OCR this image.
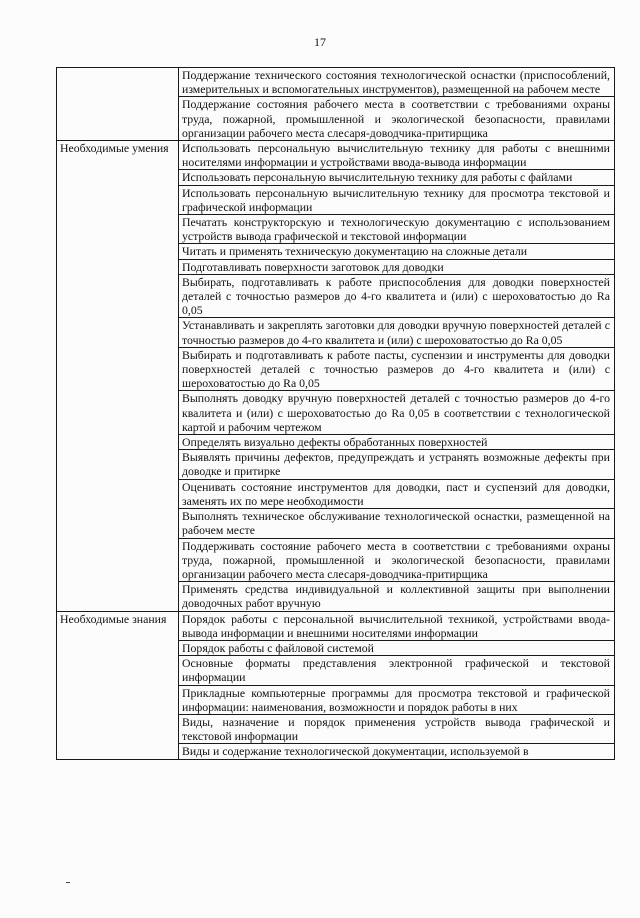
17
	Поддержание технического состояния технологической оснастки (приспособлений, измерительных и вспомогательных инструментов), размещенной на рабочем месте
	Поддержание состояния рабочего места в соответствии с требованиями охраны труда, пожарной, промышленной и экологической безопасности, правилами организации рабочего места слесаря-доводчика-притирщика
Необходимые умения	Использовать персональную вычислительную технику для работы с внешними носителями информации и устройствами ввода-вывода информации
	Использовать персональную вычислительную технику для работы с файлами
	Использовать персональную вычислительную технику для просмотра текстовой и графической информации
	Печатать конструкторскую и технологическую документацию с использованием устройств вывода графической и текстовой информации
	Читать и применять техническую документацию на сложные детали
	Подготавливать поверхности заготовок для доводки
	Выбирать, подготавливать к работе приспособления для доводки поверхностей деталей с точностью размеров до 4-го квалитета и (или) с шероховатостью до Ra 0,05
	Устанавливать и закреплять заготовки для доводки вручную поверхностей деталей с точностью размеров до 4-го квалитета и (или) с шероховатостью до Ra 0,05
	Выбирать и подготавливать к работе пасты, суспензии и инструменты для доводки поверхностей деталей с точностью размеров до 4-го квалитета и (или) с шероховатостью до Ra 0,05
	Выполнять доводку вручную поверхностей деталей с точностью размеров до 4-го квалитета и (или) с шероховатостью до Ra 0,05 в соответствии с технологической картой и рабочим чертежом
	Определять визуально дефекты обработанных поверхностей
	Выявлять причины дефектов, предупреждать и устранять возможные дефекты при доводке и притирке
	Оценивать состояние инструментов для доводки, паст и суспензий для доводки, заменять их по мере необходимости
	Выполнять техническое обслуживание технологической оснастки, размещенной на рабочем месте
	Поддерживать состояние рабочего места в соответствии с требованиями охраны труда, пожарной, промышленной и экологической безопасности, правилами организации рабочего места слесаря-доводчика-притирщика
	Применять средства индивидуальной и коллективной защиты при выполнении доводочных работ вручную
Необходимые знания	Порядок работы с персональной вычислительной техникой, устройствами ввода-вывода информации и внешними носителями информации
	Порядок работы с файловой системой
	Основные форматы представления электронной графической и текстовой информации
	Прикладные компьютерные программы для просмотра текстовой и графической информации: наименования, возможности и порядок работы в них
	Виды, назначение и порядок применения устройств вывода графической и текстовой информации
	Виды и содержание технологической документации, используемой в
